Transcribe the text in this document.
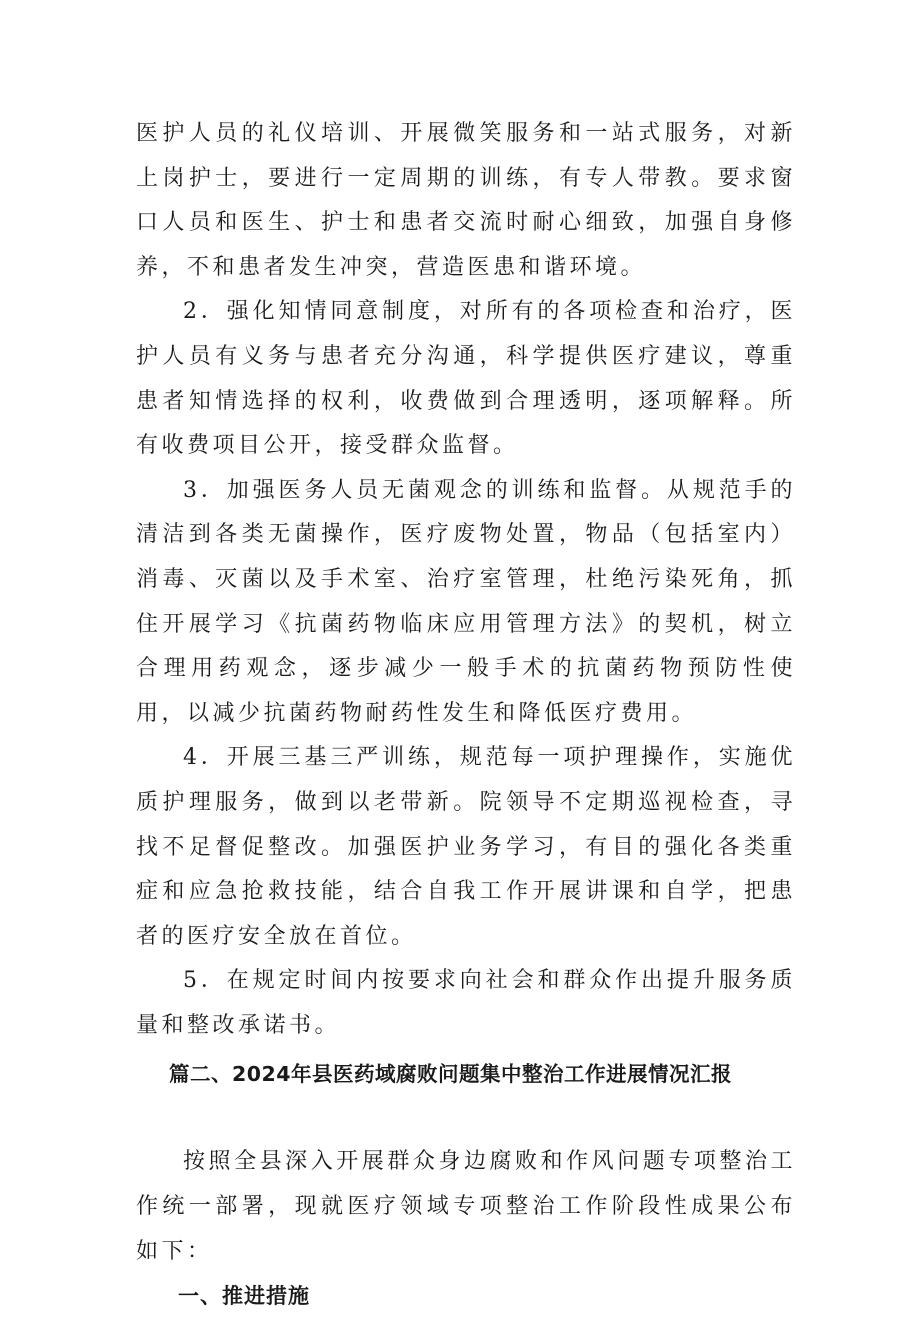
医护人员的礼仪培训、开展微笑服务和一站式服务，对新上岗护士，要进行一定周期的训练，有专人带教。要求窗口人员和医生、护士和患者交流时耐心细致，加强自身修养，不和患者发生冲突，营造医患和谐环境。

2．强化知情同意制度，对所有的各项检查和治疗，医护人员有义务与患者充分沟通，科学提供医疗建议，尊重患者知情选择的权利，收费做到合理透明，逐项解释。所有收费项目公开，接受群众监督。

3．加强医务人员无菌观念的训练和监督。从规范手的清洁到各类无菌操作，医疗废物处置，物品（包括室内）消毒、灭菌以及手术室、治疗室管理，杜绝污染死角，抓住开展学习《抗菌药物临床应用管理方法》的契机，树立合理用药观念，逐步减少一般手术的抗菌药物预防性使用，以减少抗菌药物耐药性发生和降低医疗费用。

4．开展三基三严训练，规范每一项护理操作，实施优质护理服务，做到以老带新。院领导不定期巡视检查，寻找不足督促整改。加强医护业务学习，有目的强化各类重症和应急抢救技能，结合自我工作开展讲课和自学，把患者的医疗安全放在首位。

5．在规定时间内按要求向社会和群众作出提升服务质量和整改承诺书。

篇二、2024年县医药域腐败问题集中整治工作进展情况汇报

按照全县深入开展群众身边腐败和作风问题专项整治工作统一部署，现就医疗领域专项整治工作阶段性成果公布如下：

一、推进措施
